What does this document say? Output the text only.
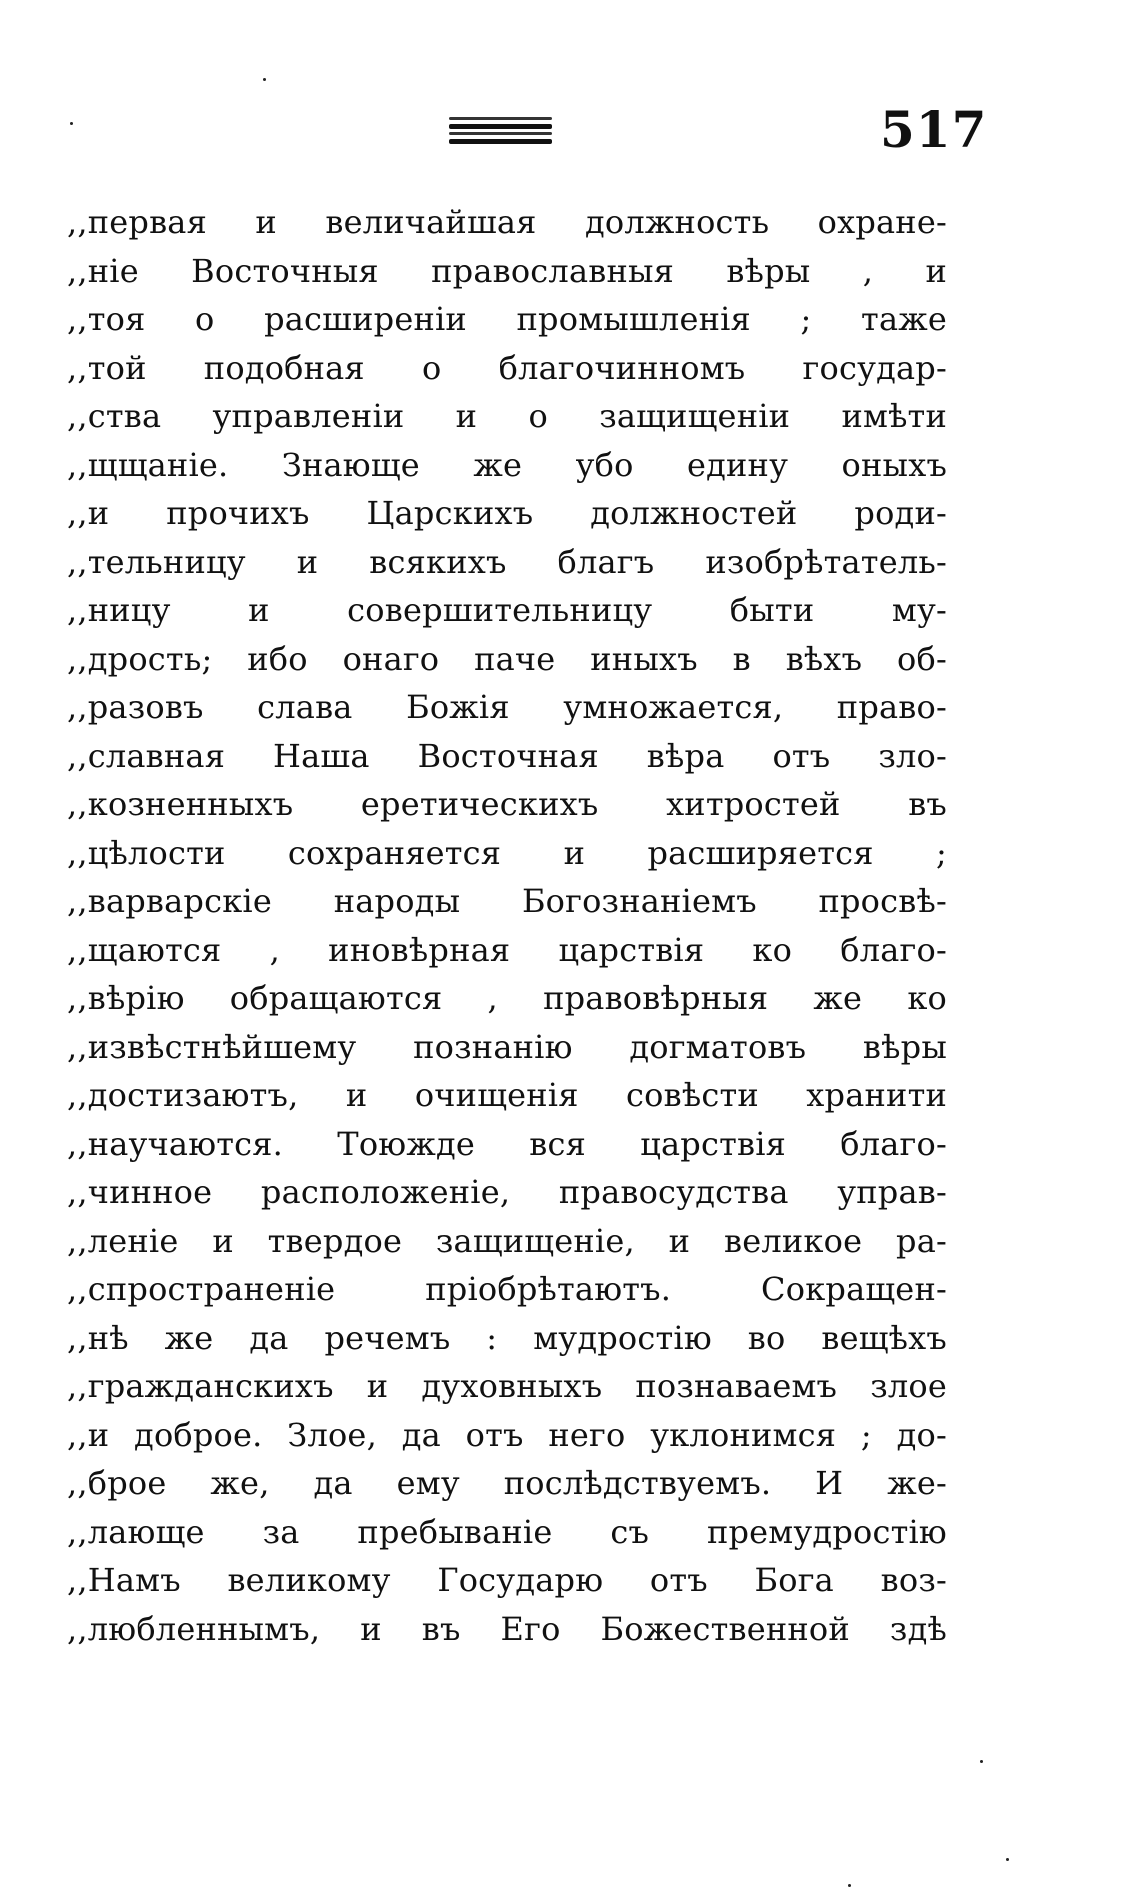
517
,,первая и величайшая должность охране-
,,ніе Восточныя православныя вѣры , и
,,тоя о расширеніи промышленія ; таже
,,той подобная о благочинномъ государ-
,,ства управленіи и о защищеніи имѣти
,,щщаніе. Знающе же убо едину оныхъ
,,и прочихъ Царскихъ должностей роди-
,,тельницу и всякихъ благъ изобрѣтатель-
,,ницу и совершительницу быти му-
,,дрость; ибо онаго паче иныхъ в вѣхъ об-
,,разовъ слава Божія умножается, право-
,,славная Наша Восточная вѣра отъ зло-
,,козненныхъ еретическихъ хитростей въ
,,цѣлости сохраняется и расширяется ;
,,варварскіе народы Богознаніемъ просвѣ-
,,щаются , иновѣрная царствія ко благо-
,,вѣрію обращаются , правовѣрныя же ко
,,извѣстнѣйшему познанію догматовъ вѣры
,,достизаютъ, и очищенія совѣсти хранити
,,научаются. Тоюжде вся царствія благо-
,,чинное расположеніе, правосудства управ-
,,леніе и твердое защищеніе, и великое ра-
,,спространеніе пріобрѣтаютъ. Сокращен-
,,нѣ же да речемъ : мудростію во вещѣхъ
,,гражданскихъ и духовныхъ познаваемъ злое
,,и доброе. Злое, да отъ него уклонимся ; до-
,,брое же, да ему послѣдствуемъ. И же-
,,лающе за пребываніе съ премудростію
,,Намъ великому Государю отъ Бога воз-
,,любленнымъ, и въ Его Божественной здѣ
